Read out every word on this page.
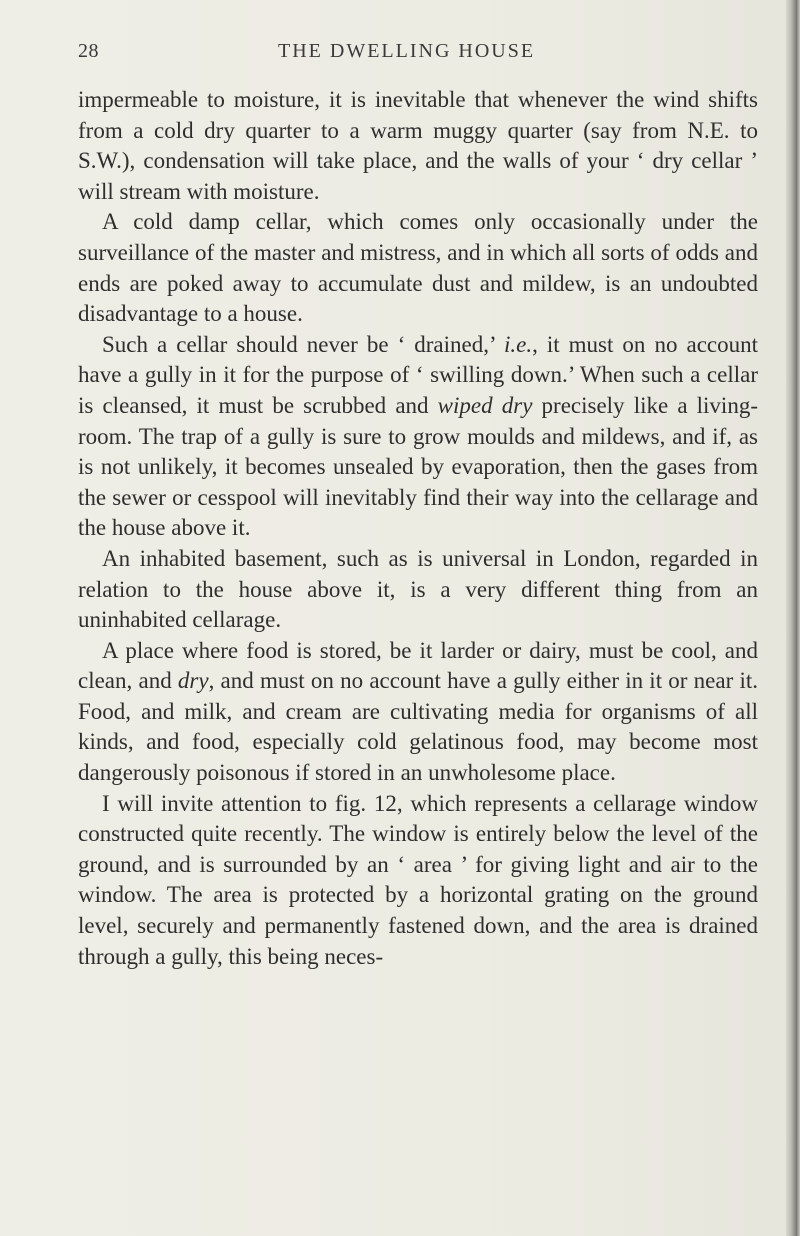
28	THE DWELLING HOUSE

impermeable to moisture, it is inevitable that whenever the wind shifts from a cold dry quarter to a warm muggy quarter (say from N.E. to S.W.), condensation will take place, and the walls of your ‘ dry cellar ’ will stream with moisture.

A cold damp cellar, which comes only occasionally under the surveillance of the master and mistress, and in which all sorts of odds and ends are poked away to accumulate dust and mildew, is an undoubted disadvantage to a house.

Such a cellar should never be ‘ drained,’ i.e., it must on no account have a gully in it for the purpose of ‘ swilling down.’ When such a cellar is cleansed, it must be scrubbed and wiped dry precisely like a living-room. The trap of a gully is sure to grow moulds and mildews, and if, as is not unlikely, it becomes unsealed by evaporation, then the gases from the sewer or cesspool will inevitably find their way into the cellarage and the house above it.

An inhabited basement, such as is universal in London, regarded in relation to the house above it, is a very different thing from an uninhabited cellarage.

A place where food is stored, be it larder or dairy, must be cool, and clean, and dry, and must on no account have a gully either in it or near it. Food, and milk, and cream are cultivating media for organisms of all kinds, and food, especially cold gelatinous food, may become most dangerously poisonous if stored in an unwholesome place.

I will invite attention to fig. 12, which represents a cellarage window constructed quite recently. The window is entirely below the level of the ground, and is surrounded by an ‘ area ’ for giving light and air to the window. The area is protected by a horizontal grating on the ground level, securely and permanently fastened down, and the area is drained through a gully, this being neces-
